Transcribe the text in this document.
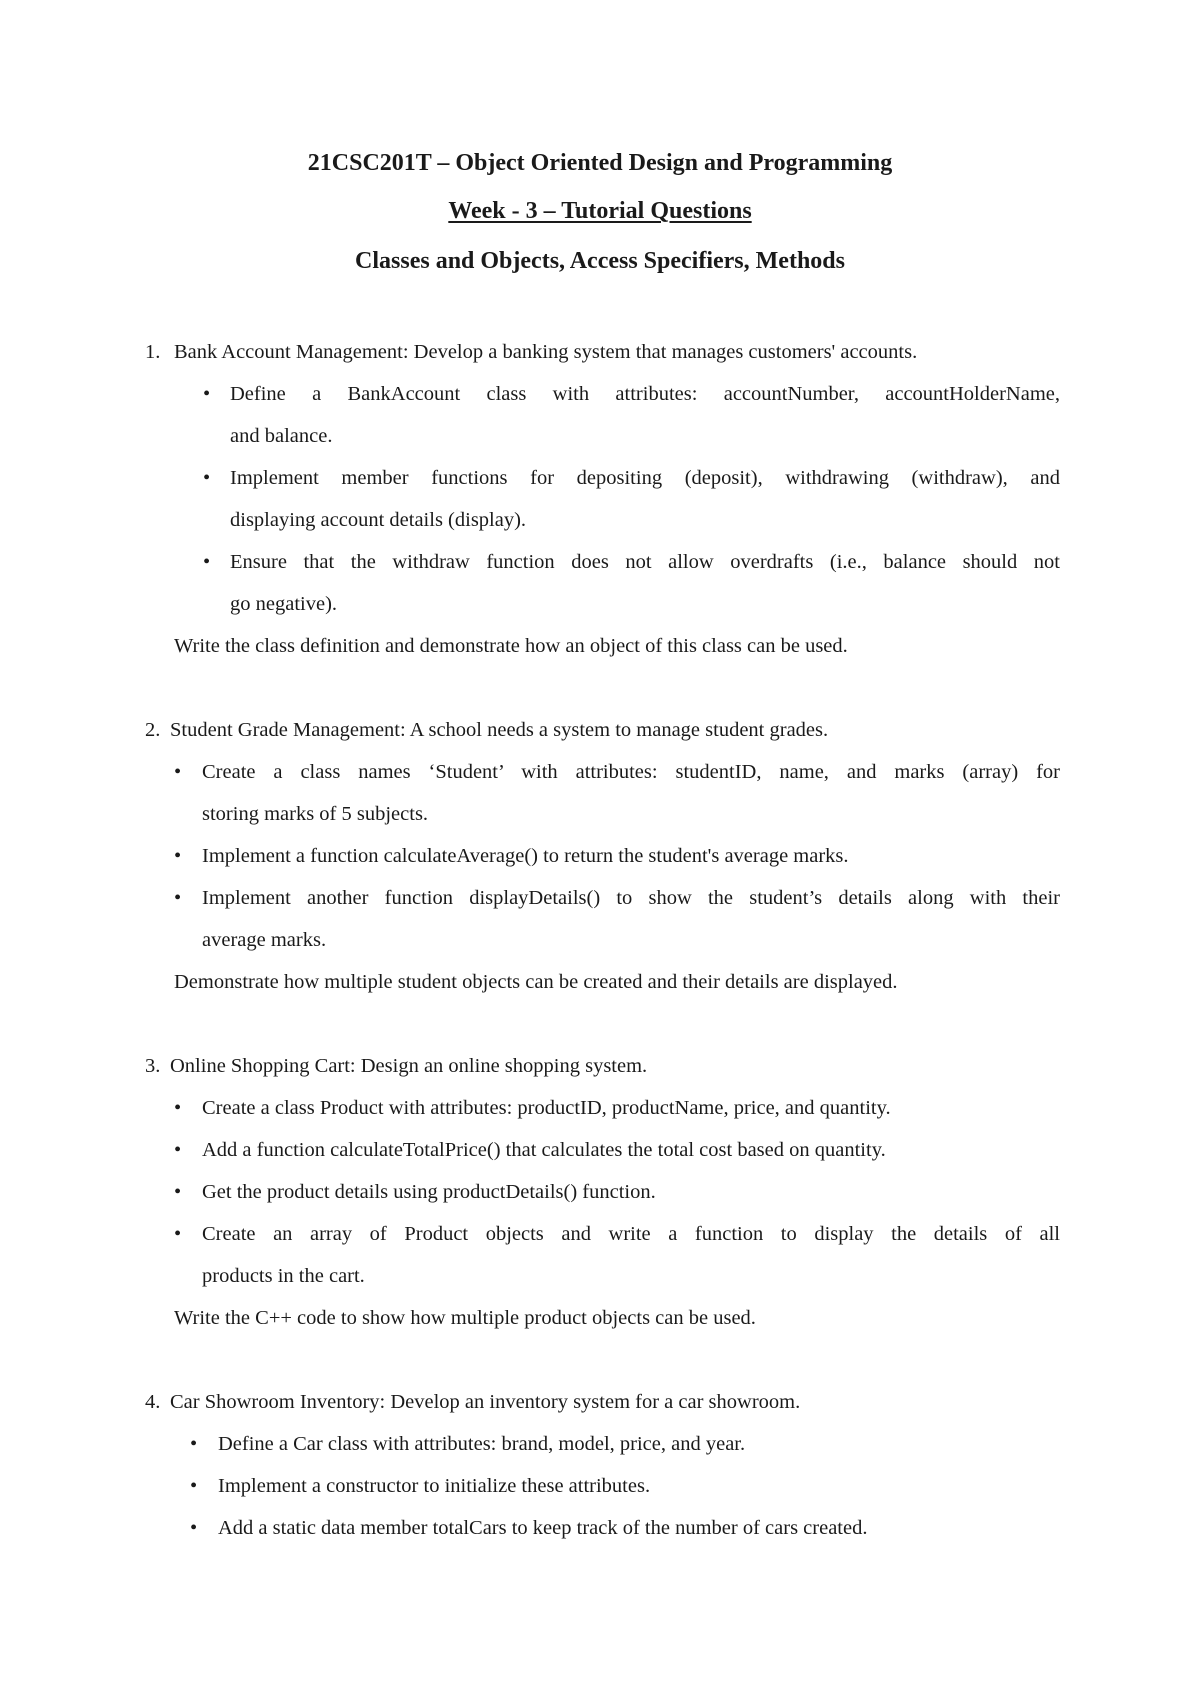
21CSC201T – Object Oriented Design and Programming
Week - 3 – Tutorial Questions
Classes and Objects, Access Specifiers, Methods
1. Bank Account Management: Develop a banking system that manages customers' accounts.
• Define a BankAccount class with attributes: accountNumber, accountHolderName,
and balance.
• Implement member functions for depositing (deposit), withdrawing (withdraw), and
displaying account details (display).
• Ensure that the withdraw function does not allow overdrafts (i.e., balance should not
go negative).
Write the class definition and demonstrate how an object of this class can be used.
2. Student Grade Management: A school needs a system to manage student grades.
• Create a class names ‘Student’ with attributes: studentID, name, and marks (array) for
storing marks of 5 subjects.
• Implement a function calculateAverage() to return the student's average marks.
• Implement another function displayDetails() to show the student’s details along with their
average marks.
Demonstrate how multiple student objects can be created and their details are displayed.
3. Online Shopping Cart: Design an online shopping system.
• Create a class Product with attributes: productID, productName, price, and quantity.
• Add a function calculateTotalPrice() that calculates the total cost based on quantity.
• Get the product details using productDetails() function.
• Create an array of Product objects and write a function to display the details of all
products in the cart.
Write the C++ code to show how multiple product objects can be used.
4. Car Showroom Inventory: Develop an inventory system for a car showroom.
• Define a Car class with attributes: brand, model, price, and year.
• Implement a constructor to initialize these attributes.
• Add a static data member totalCars to keep track of the number of cars created.
